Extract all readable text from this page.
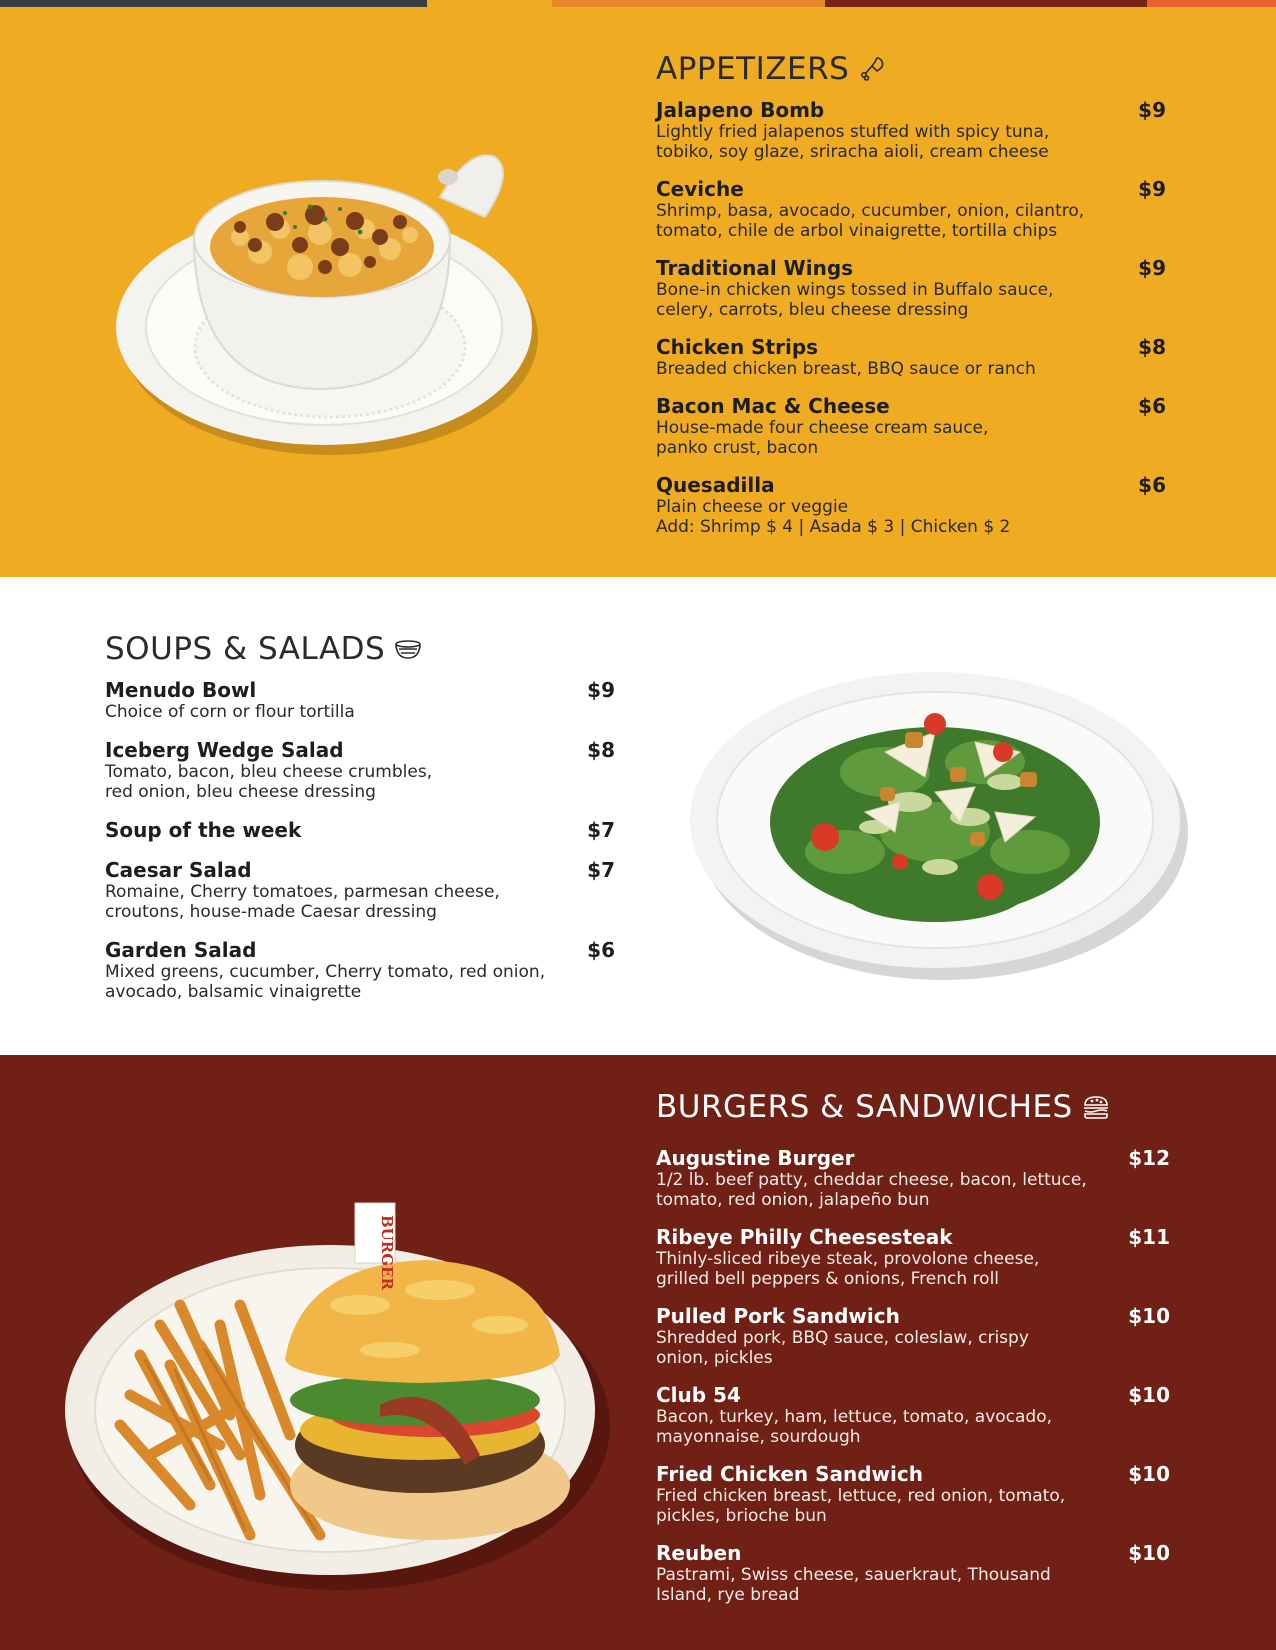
APPETIZERS
Jalapeno Bomb	$9
Lightly fried jalapenos stuffed with spicy tuna,
tobiko, soy glaze, sriracha aioli, cream cheese
Ceviche	$9
Shrimp, basa, avocado, cucumber, onion, cilantro,
tomato, chile de arbol vinaigrette, tortilla chips
Traditional Wings	$9
Bone-in chicken wings tossed in Buffalo sauce,
celery, carrots, bleu cheese dressing
Chicken Strips	$8
Breaded chicken breast, BBQ sauce or ranch
Bacon Mac & Cheese	$6
House-made four cheese cream sauce,
panko crust, bacon
Quesadilla	$6
Plain cheese or veggie
Add: Shrimp $ 4 | Asada $ 3 | Chicken $ 2
SOUPS & SALADS
Menudo Bowl	$9
Choice of corn or flour tortilla
Iceberg Wedge Salad	$8
Tomato, bacon, bleu cheese crumbles,
red onion, bleu cheese dressing
Soup of the week	$7
Caesar Salad	$7
Romaine, Cherry tomatoes, parmesan cheese,
croutons, house-made Caesar dressing
Garden Salad	$6
Mixed greens, cucumber, Cherry tomato, red onion,
avocado, balsamic vinaigrette
BURGER
BURGERS & SANDWICHES
Augustine Burger	$12
1/2 lb. beef patty, cheddar cheese, bacon, lettuce,
tomato, red onion, jalapeño bun
Ribeye Philly Cheesesteak	$11
Thinly-sliced ribeye steak, provolone cheese,
grilled bell peppers & onions, French roll
Pulled Pork Sandwich	$10
Shredded pork, BBQ sauce, coleslaw, crispy
onion, pickles
Club 54	$10
Bacon, turkey, ham, lettuce, tomato, avocado,
mayonnaise, sourdough
Fried Chicken Sandwich	$10
Fried chicken breast, lettuce, red onion, tomato,
pickles, brioche bun
Reuben	$10
Pastrami, Swiss cheese, sauerkraut, Thousand
Island, rye bread
